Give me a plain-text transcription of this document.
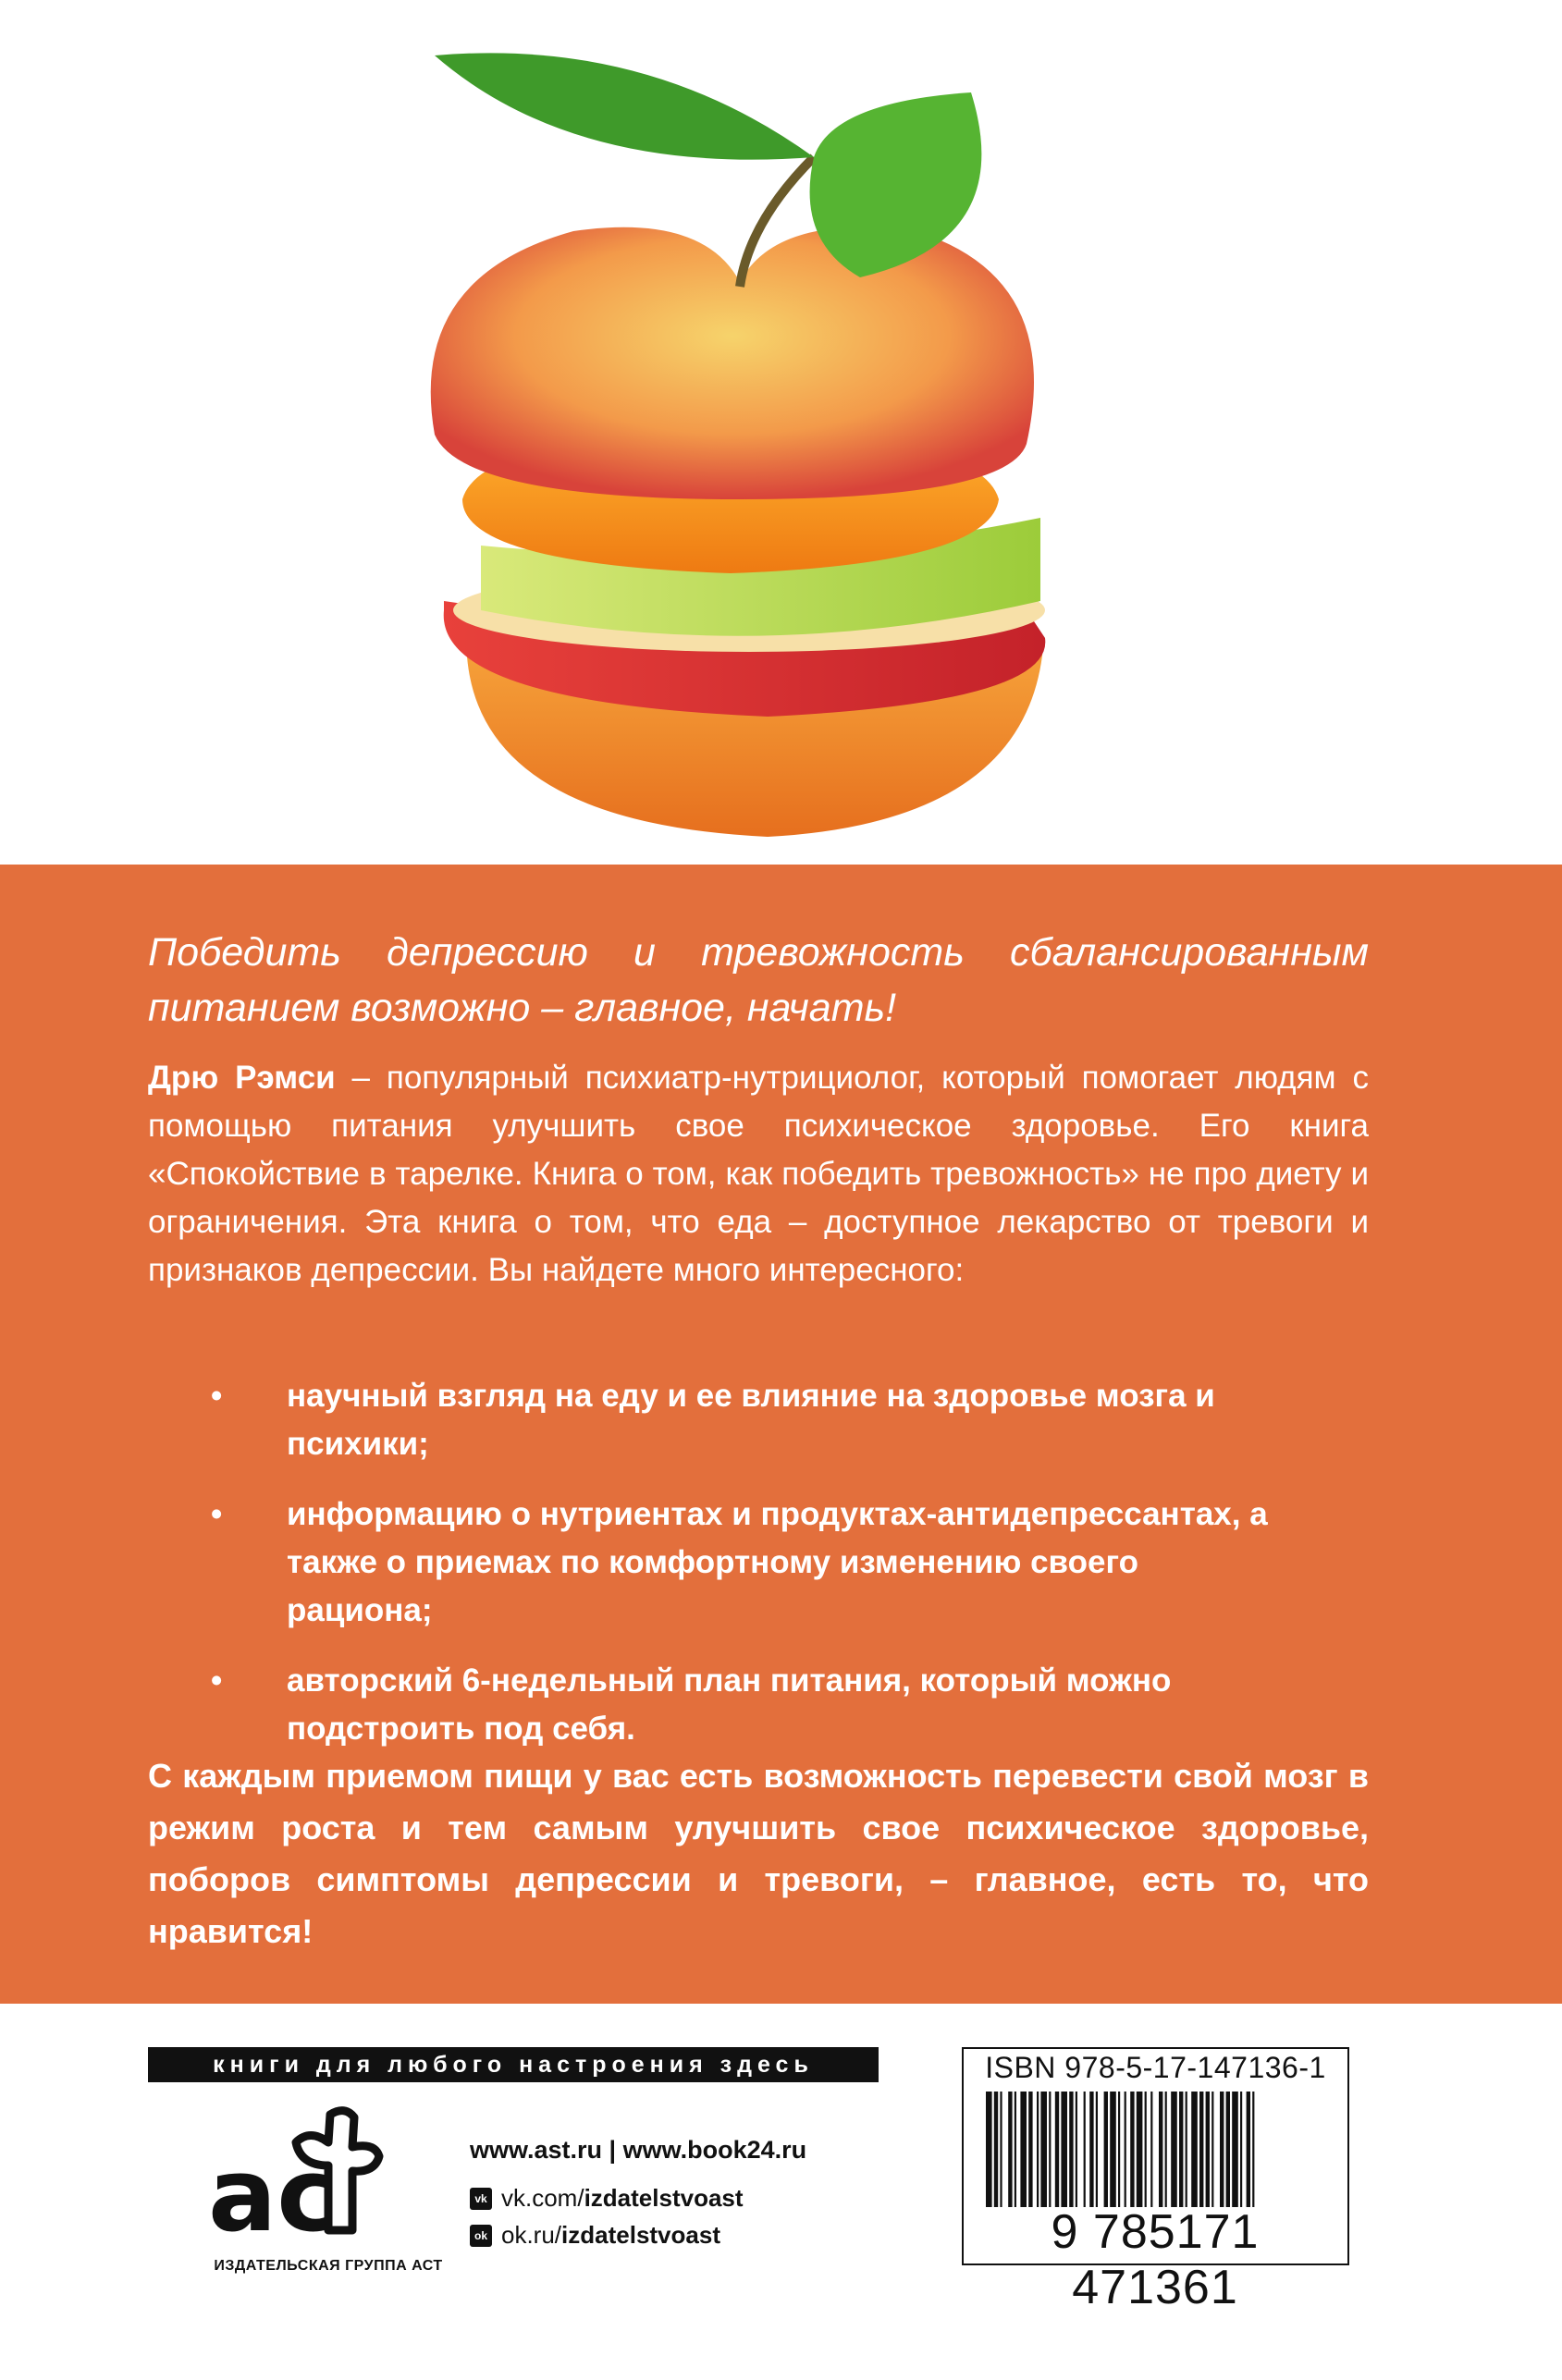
Победить депрессию и тревожность сбалансированным питанием возможно – главное, начать!
Дрю Рэмси – популярный психиатр-нутрициолог, который помогает людям с помощью питания улучшить свое психическое здоровье. Его книга «Спокойствие в тарелке. Книга о том, как победить тревожность» не про диету и ограничения. Эта книга о том, что еда – доступное лекарство от тревоги и признаков депрессии. Вы найдете много интересного:
• научный взгляд на еду и ее влияние на здоровье мозга и психики;
• информацию о нутриентах и продуктах-антидепрессантах, а также о приемах по комфортному изменению своего рациона;
• авторский 6-недельный план питания, который можно подстроить под себя.
С каждым приемом пищи у вас есть возможность перевести свой мозг в режим роста и тем самым улучшить свое психическое здоровье, поборов симптомы депрессии и тревоги, – главное, есть то, что нравится!
книги для любого настроения здесь
ac
ИЗДАТЕЛЬСКАЯ ГРУППА АСТ
www.ast.ru | www.book24.ru
vk vk.com/ izdatelstvoast
ok ok.ru/ izdatelstvoast
ISBN 978-5-17-147136-1
9 785171 471361
